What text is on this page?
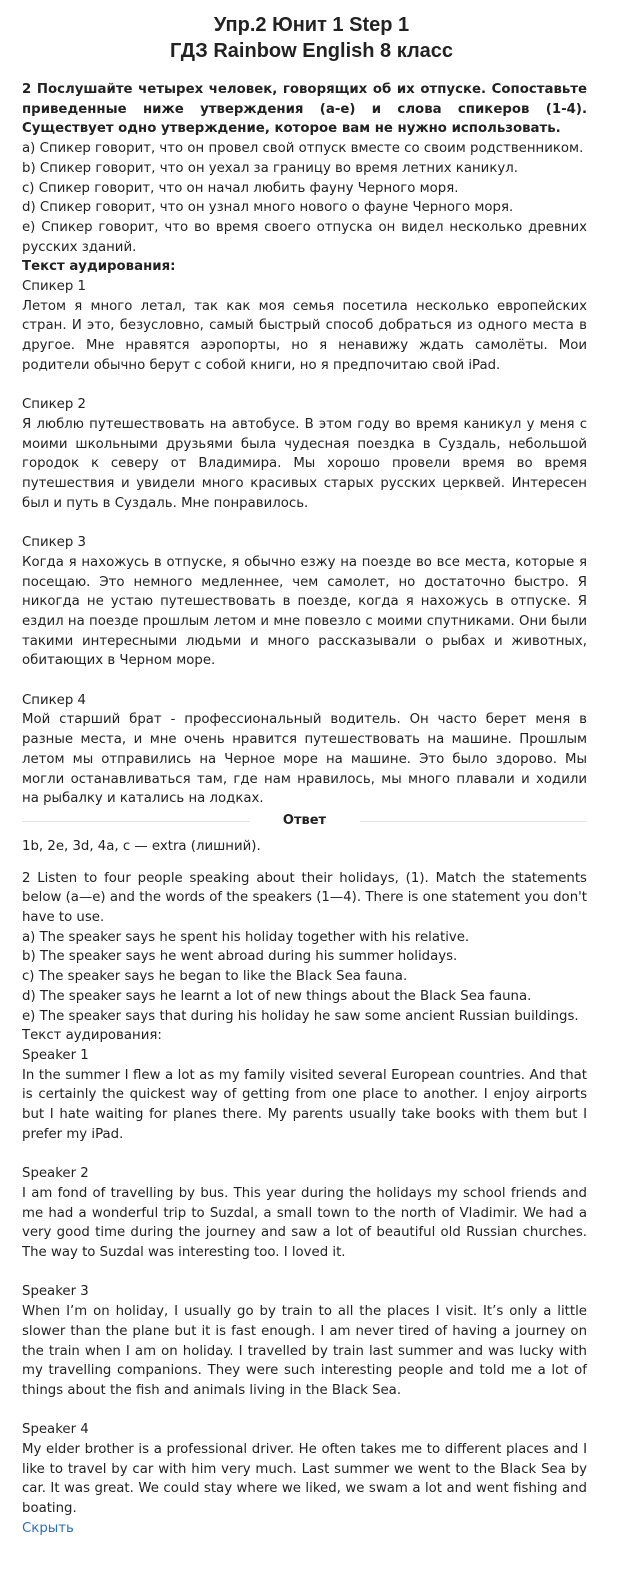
Упр.2 Юнит 1 Step 1
ГДЗ Rainbow English 8 класс

2 Послушайте четырех человек, говорящих об их отпуске. Сопоставьте приведенные ниже утверждения (а-е) и слова спикеров (1-4). Существует одно утверждение, которое вам не нужно использовать.

а) Спикер говорит, что он провел свой отпуск вместе со своим родственником.

b) Спикер говорит, что он уехал за границу во время летних каникул.

c) Спикер говорит, что он начал любить фауну Черного моря.

d) Спикер говорит, что он узнал много нового о фауне Черного моря.

e) Спикер говорит, что во время своего отпуска он видел несколько древних русских зданий.

Текст аудирования:

Спикер 1

Летом я много летал, так как моя семья посетила несколько европейских стран. И это, безусловно, самый быстрый способ добраться из одного места в другое. Мне нравятся аэропорты, но я ненавижу ждать самолёты. Мои родители обычно берут с собой книги, но я предпочитаю свой iPad.

Спикер 2

Я люблю путешествовать на автобусе. В этом году во время каникул у меня с моими школьными друзьями была чудесная поездка в Суздаль, небольшой городок к северу от Владимира. Мы хорошо провели время во время путешествия и увидели много красивых старых русских церквей. Интересен был и путь в Суздаль. Мне понравилось.

Спикер 3

Когда я нахожусь в отпуске, я обычно езжу на поезде во все места, которые я посещаю. Это немного медленнее, чем самолет, но достаточно быстро. Я никогда не устаю путешествовать в поезде, когда я нахожусь в отпуске. Я ездил на поезде прошлым летом и мне повезло с моими спутниками. Они были такими интересными людьми и много рассказывали о рыбах и животных, обитающих в Черном море.

Спикер 4

Мой старший брат - профессиональный водитель. Он часто берет меня в разные места, и мне очень нравится путешествовать на машине. Прошлым летом мы отправились на Черное море на машине. Это было здорово. Мы могли останавливаться там, где нам нравилось, мы много плавали и ходили на рыбалку и катались на лодках.

Ответ

1b, 2e, 3d, 4a, c — extra (лишний).

2 Listen to four people speaking about their holidays, (1). Match the statements below (a—e) and the words of the speakers (1—4). There is one statement you don't have to use.

a) The speaker says he spent his holiday together with his relative.

b) The speaker says he went abroad during his summer holidays.

c) The speaker says he began to like the Black Sea fauna.

d) The speaker says he learnt a lot of new things about the Black Sea fauna.

e) The speaker says that during his holiday he saw some ancient Russian buildings.

Текст аудирования:

Speaker 1

In the summer I flew a lot as my family visited several European countries. And that is certainly the quickest way of getting from one place to another. I enjoy airports but I hate waiting for planes there. My parents usually take books with them but I prefer my iPad.

Speaker 2

I am fond of travelling by bus. This year during the holidays my school friends and me had a wonderful trip to Suzdal, a small town to the north of Vladimir. We had a very good time during the journey and saw a lot of beautiful old Russian churches. The way to Suzdal was interesting too. I loved it.

Speaker 3

When I’m on holiday, I usually go by train to all the places I visit. It’s only a little slower than the plane but it is fast enough. I am never tired of having a journey on the train when I am on holiday. I travelled by train last summer and was lucky with my travelling companions. They were such interesting people and told me a lot of things about the fish and animals living in the Black Sea.

Speaker 4

My elder brother is a professional driver. He often takes me to different places and I like to travel by car with him very much. Last summer we went to the Black Sea by car. It was great. We could stay where we liked, we swam a lot and went fishing and boating.

Скрыть
